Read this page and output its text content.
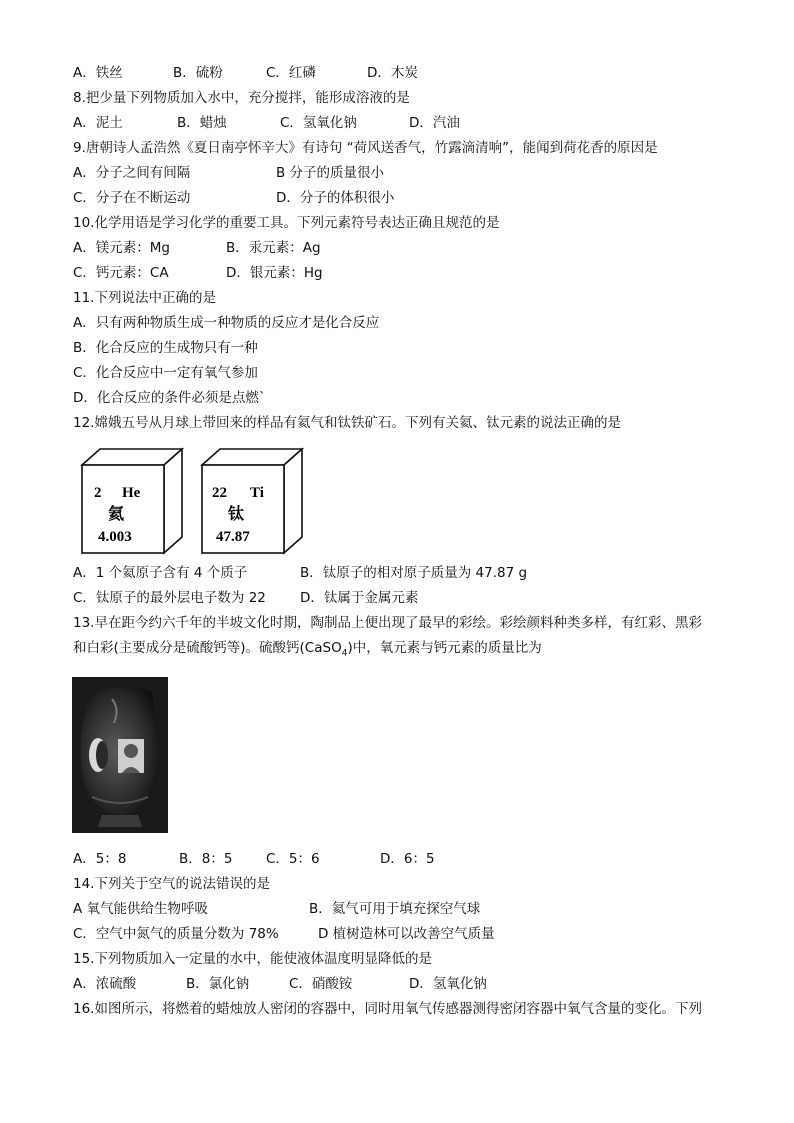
A．铁丝	B．硫粉	C．红磷	D．木炭
8.把少量下列物质加入水中，充分搅拌，能形成溶液的是
A．泥土	B．蜡烛	C．氢氧化钠	D．汽油
9.唐朝诗人孟浩然《夏日南亭怀辛大》有诗句 “荷风送香气，竹露滴清响”，能闻到荷花香的原因是
A．分子之间有间隔	B 分子的质量很小
C．分子在不断运动	D．分子的体积很小
10.化学用语是学习化学的重要工具。下列元素符号表达正确且规范的是
A．镁元素：Mg	B．汞元素：Ag
C．钙元素：CA	D．银元素：Hg
11.下列说法中正确的是
A．只有两种物质生成一种物质的反应才是化合反应
B．化合反应的生成物只有一种
C．化合反应中一定有氧气参加
D．化合反应的条件必须是点燃`
12.嫦娥五号从月球上带回来的样品有氦气和钛铁矿石。下列有关氦、钛元素的说法正确的是
2 He
氦
4.003
22 Ti
钛
47.87
A．1 个氦原子含有 4 个质子	B．钛原子的相对原子质量为 47.87 g
C．钛原子的最外层电子数为 22	D．钛属于金属元素
13.早在距今约六千年的半坡文化时期，陶制品上便出现了最早的彩绘。彩绘颜料种类多样，有红彩、黑彩
和白彩(主要成分是硫酸钙等)。硫酸钙(CaSO$_4$)中，氧元素与钙元素的质量比为
A．5：8	B．8：5 C．5：6	D．6：5
14.下列关于空气的说法错误的是
A 氧气能供给生物呼吸	B．氦气可用于填充探空气球
C．空气中氮气的质量分数为 78%	D 植树造林可以改善空气质量
15.下列物质加入一定量的水中，能使液体温度明显降低的是
A．浓硫酸	B．氯化钠	C．硝酸铵	D．氢氧化钠
16.如图所示，将燃着的蜡烛放人密闭的容器中，同时用氧气传感器测得密闭容器中氧气含量的变化。下列
